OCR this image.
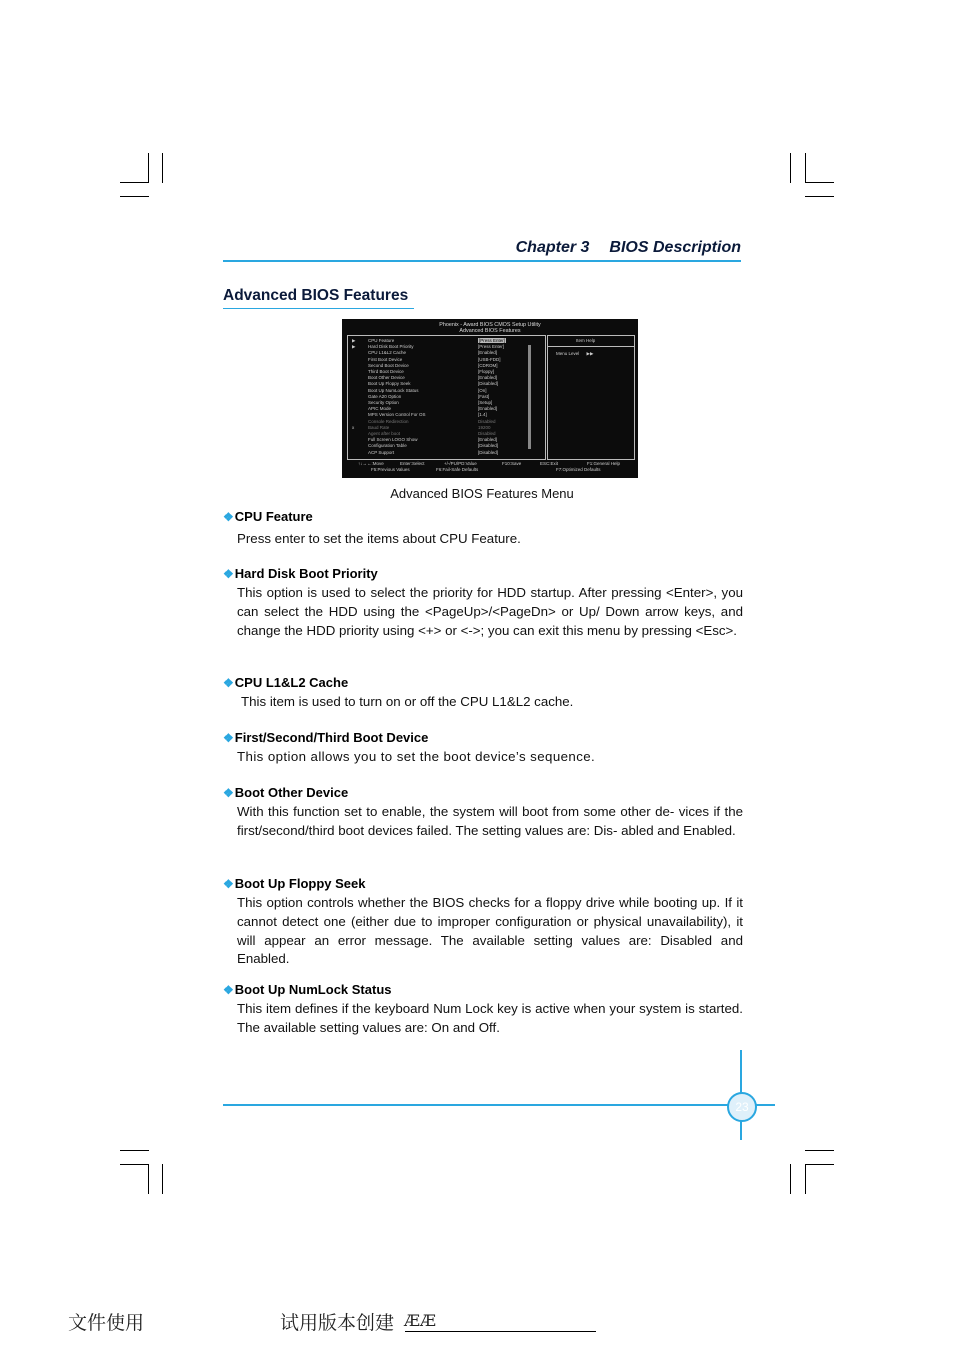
Chapter 3 BIOS Description
Advanced BIOS Features
Phoenix - Award BIOS CMOS Setup Utility
Advanced BIOS Features
Item Help
Menu Level ▶▶
▶	CPU Feature	[Press Enter]
▶	Hard Disk Boot Priority	[Press Enter]
CPU L1&L2 Cache	[Enabled]
First Boot Device	[USB-FDD]
Second Boot Device	[CDROM]
Third Boot Device	[Floppy]
Boot Other Device	[Enabled]
Boot Up Floppy Seek	[Disabled]
Boot Up NumLock Status	[On]
Gate A20 Option	[Fast]
Security Option	[Setup]
APIC Mode	[Enabled]
MPS Version Control For OS	[1.4]
Console Redirection	Disabled
x	Baud Rate	19200
Agent after boot	Disabled
Full Screen LOGO Show	[Enabled]
Configuration Table	[Disabled]
ACP Support	[Disabled]
↑↓→←:Move	Enter:Select	+/-/PU/PD:Value	F10:Save	ESC:Exit	F1:General Help
F5:Previous Values	F6:Fail-Safe Defaults	F7:Optimized Defaults
Advanced BIOS Features Menu
❖ CPU Feature
Press enter to set the items about CPU Feature.
❖ Hard Disk Boot Priority
This option is used to select the priority for HDD startup. After pressing <Enter>, you can select the HDD using the <PageUp>/<PageDn> or Up/ Down arrow keys, and change the HDD priority using <+> or <->; you can exit this menu by pressing <Esc>.
❖ CPU L1&L2 Cache
This item is used to turn on or off the CPU L1&L2 cache.
❖ First/Second/Third Boot Device
This option allows you to set the boot device’s sequence.
❖ Boot Other Device
With this function set to enable, the system will boot from some other de- vices if the first/second/third boot devices failed. The setting values are: Dis- abled and Enabled.
❖ Boot Up Floppy Seek
This option controls whether the BIOS checks for a floppy drive while booting up. If it cannot detect one (either due to improper configuration or physical unavailability), it will appear an error message. The available setting values are: Disabled and Enabled.
❖ Boot Up NumLock Status
This item defines if the keyboard Num Lock key is active when your system is started. The available setting values are: On and Off.
23
文件使用	试用版本创建 ÆÆ
